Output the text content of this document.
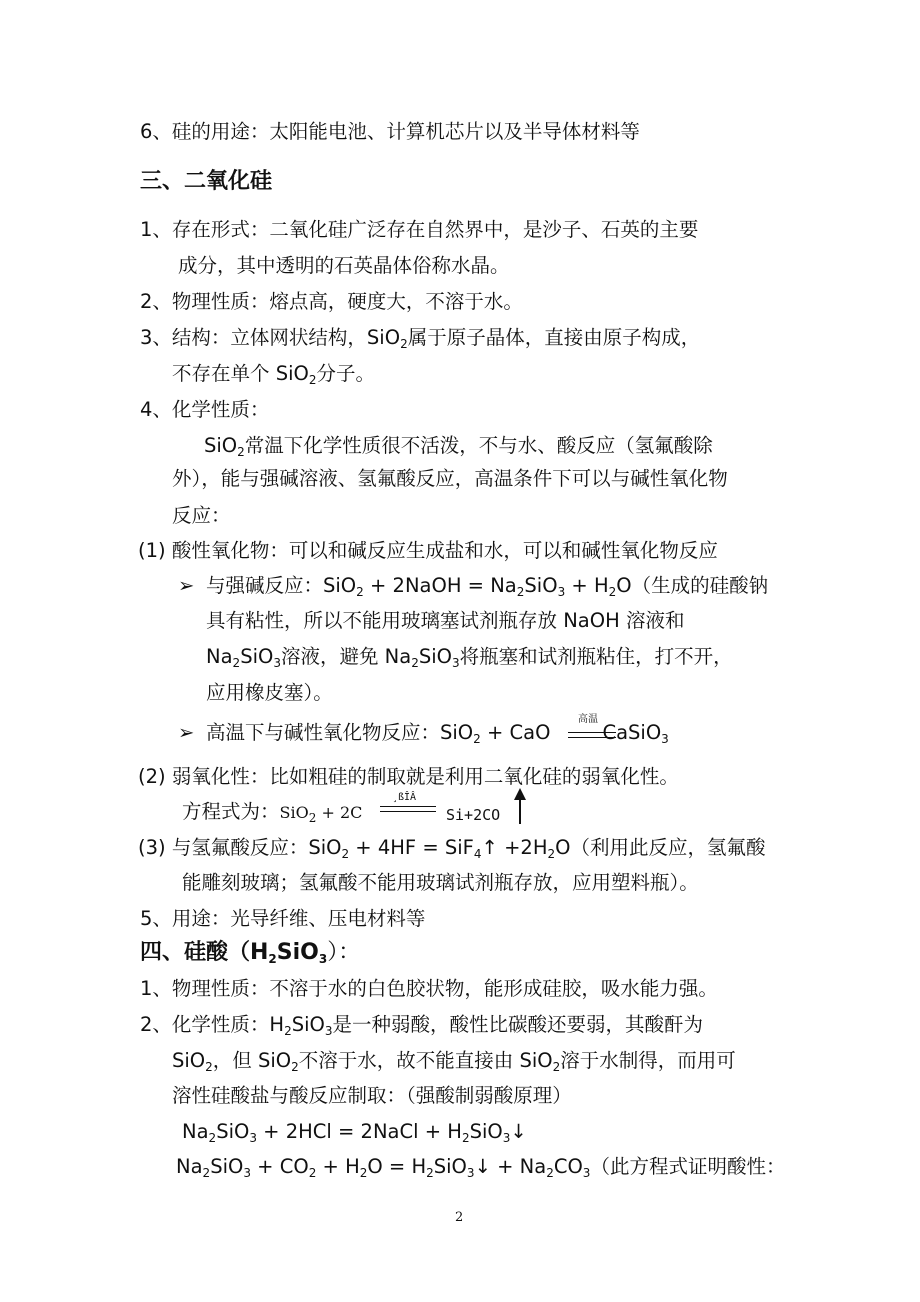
6、硅的用途：太阳能电池、计算机芯片以及半导体材料等
三、二氧化硅
1、存在形式：二氧化硅广泛存在自然界中，是沙子、石英的主要
成分，其中透明的石英晶体俗称水晶。
2、物理性质：熔点高，硬度大，不溶于水。
3、结构：立体网状结构，SiO$_2$属于原子晶体，直接由原子构成，
不存在单个 SiO$_2$分子。
4、化学性质：
SiO$_2$常温下化学性质很不活泼，不与水、酸反应（氢氟酸除
外），能与强碱溶液、氢氟酸反应，高温条件下可以与碱性氧化物
反应：
(1) 酸性氧化物：可以和碱反应生成盐和水，可以和碱性氧化物反应
➢ 与强碱反应：SiO$_2$ + 2NaOH = $Na_2SiO_3 + H_2O$（生成的硅酸钠
具有粘性，所以不能用玻璃塞试剂瓶存放 NaOH 溶液和
$Na_2SiO_3$溶液，避免 $Na_2SiO_3$将瓶塞和试剂瓶粘住，打不开，
应用橡皮塞）。
➢ 高温下与碱性氧化物反应：SiO$_2$ + CaO	CaSiO$_3$
高温
(2) 弱氧化性：比如粗硅的制取就是利用二氧化硅的弱氧化性。
方程式为：SiO$_2$ + 2C
¸ßÎÂ
Si+2CO
(3) 与氢氟酸反应：SiO$_2$ + 4HF = SiF$_4$↑ $+2H_2O$（利用此反应，氢氟酸
能雕刻玻璃；氢氟酸不能用玻璃试剂瓶存放，应用塑料瓶）。
5、用途：光导纤维、压电材料等
四、硅酸$(H_2SiO_3)$：
1、物理性质：不溶于水的白色胶状物，能形成硅胶，吸水能力强。
2、化学性质：$H_2SiO_3$是一种弱酸，酸性比碳酸还要弱，其酸酐为
SiO$_2$，但 SiO$_2$不溶于水，故不能直接由 SiO$_2$溶于水制得，而用可
溶性硅酸盐与酸反应制取：（强酸制弱酸原理）
$Na_2SiO_3 + 2HCl$ = 2NaCl + $H_2SiO_3↓$
$Na_2SiO_3 + CO_2 + H_2O$ = $H_2SiO_3↓ + Na_2CO_3$（此方程式证明酸性：
2
